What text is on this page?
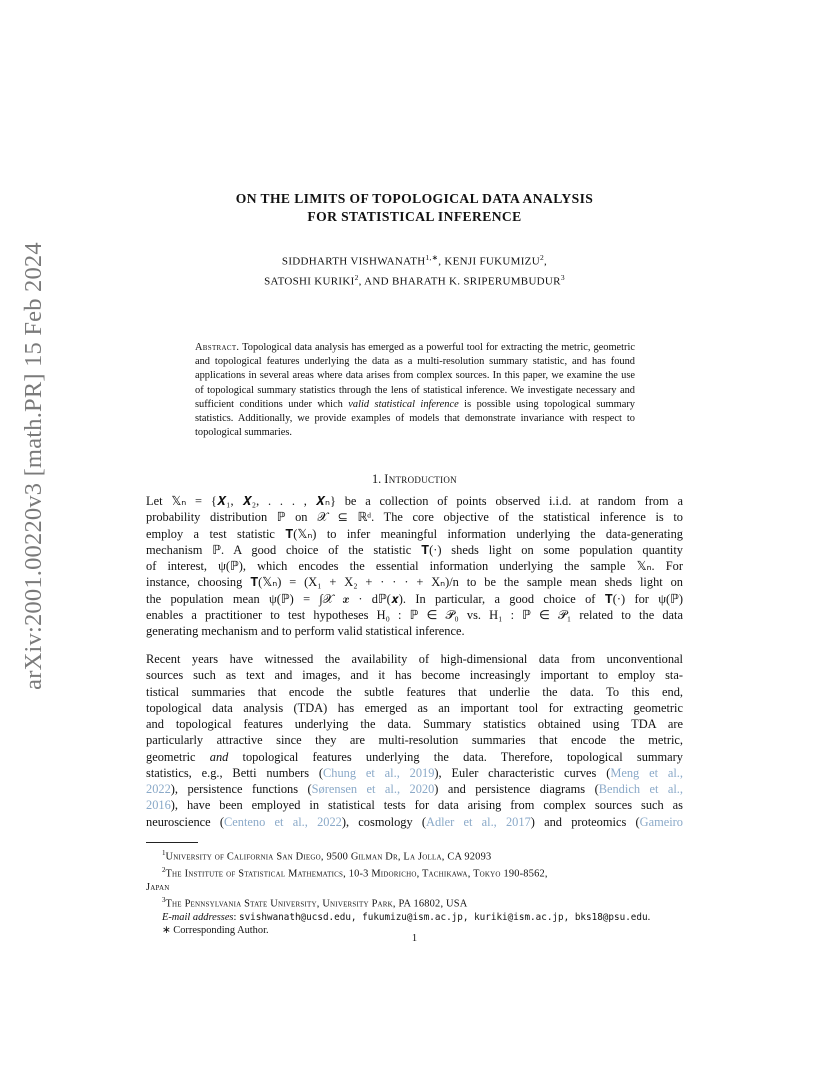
arXiv:2001.00220v3 [math.PR] 15 Feb 2024
ON THE LIMITS OF TOPOLOGICAL DATA ANALYSIS
FOR STATISTICAL INFERENCE
SIDDHARTH $VISHWANATH^{1,∗}$, KENJI FUKUMIZU$^2$,
SATOSHI KURIKI$^2$, AND BHARATH K. SRIPERUMBUDUR$^3$
Abstract. Topological data analysis has emerged as a powerful tool for extracting the metric, geometric and topological features underlying the data as a multi-resolution summary statistic, and has found applications in several areas where data arises from complex sources. In this paper, we examine the use of topological summary statistics through the lens of statistical inference. We investigate necessary and sufficient conditions under which valid statistical inference is possible using topological summary statistics. Additionally, we provide examples of models that demonstrate invariance with respect to topological summaries.
1. Introduction
Let 𝕏ₙ = {𝑿₁, 𝑿₂, . . . , 𝑿ₙ} be a collection of points observed i.i.d. at random from a
probability distribution ℙ on 𝒳 ⊆ ℝᵈ. The core objective of the statistical inference is to
employ a test statistic 𝐓(𝕏ₙ) to infer meaningful information underlying the data-generating
mechanism ℙ. A good choice of the statistic 𝐓(·) sheds light on some population quantity
of interest, ψ(ℙ), which encodes the essential information underlying the sample 𝕏ₙ. For
instance, choosing 𝐓(𝕏ₙ) = (X₁ + X₂ + · · · + Xₙ)/n to be the sample mean sheds light on
the population mean ψ(ℙ) = ∫𝒳 𝒙 · dℙ(𝒙). In particular, a good choice of 𝐓(·) for ψ(ℙ)
enables a practitioner to test hypotheses H₀ : ℙ ∈ 𝒫₀ vs. H₁ : ℙ ∈ 𝒫₁ related to the data
generating mechanism and to perform valid statistical inference.
Recent years have witnessed the availability of high-dimensional data from unconventional
sources such as text and images, and it has become increasingly important to employ sta-
tistical summaries that encode the subtle features that underlie the data. To this end,
topological data analysis (TDA) has emerged as an important tool for extracting geometric
and topological features underlying the data. Summary statistics obtained using TDA are
particularly attractive since they are multi-resolution summaries that encode the metric,
geometric and topological features underlying the data. Therefore, topological summary
statistics, e.g., Betti numbers (Chung et al., 2019), Euler characteristic curves (Meng et al.,
2022), persistence functions (Sørensen et al., 2020) and persistence diagrams (Bendich et al.,
2016), have been employed in statistical tests for data arising from complex sources such as
neuroscience (Centeno et al., 2022), cosmology (Adler et al., 2017) and proteomics (Gameiro
$^1$University of California San Diego, 9500 Gilman Dr, La Jolla, CA 92093
$^2$The Institute of Statistical Mathematics, 10-3 Midoricho, Tachikawa, Tokyo 190-8562,
Japan
$^3$The Pennsylvania State University, University Park, PA 16802, USA
E-mail addresses: svishwanath@ucsd.edu, fukumizu@ism.ac.jp, kuriki@ism.ac.jp, bks18@psu.edu.
∗ Corresponding Author.
1
